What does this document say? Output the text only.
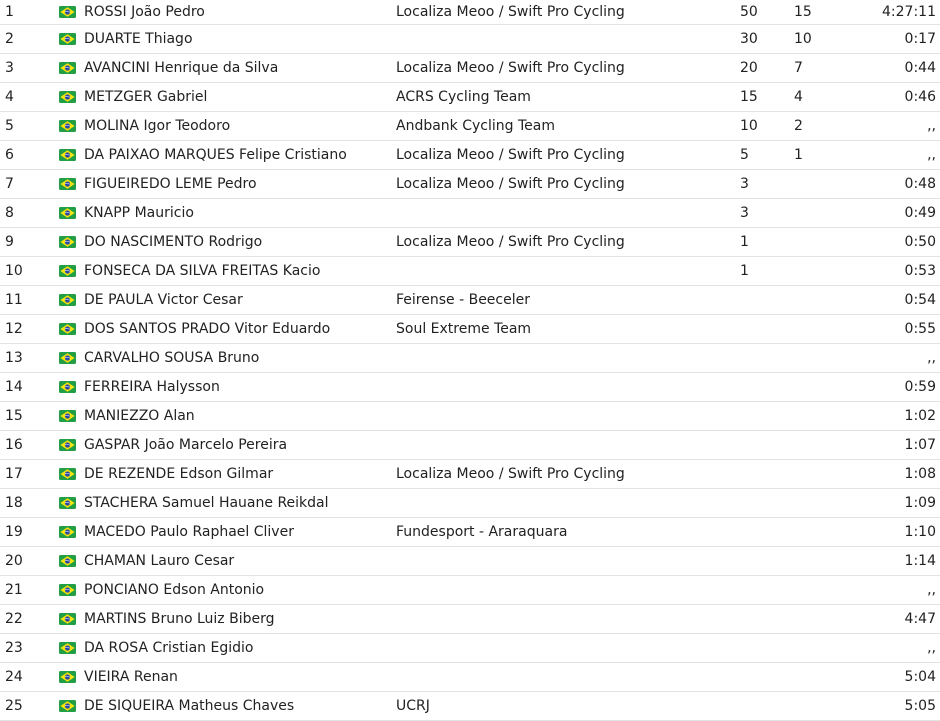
1		ROSSI João Pedro	Localiza Meoo / Swift Pro Cycling	50	15	4:27:11
2		DUARTE Thiago		30	10	0:17
3		AVANCINI Henrique da Silva	Localiza Meoo / Swift Pro Cycling	20	7	0:44
4		METZGER Gabriel	ACRS Cycling Team	15	4	0:46
5		MOLINA Igor Teodoro	Andbank Cycling Team	10	2	,,
6		DA PAIXAO MARQUES Felipe Cristiano	Localiza Meoo / Swift Pro Cycling	5	1	,,
7		FIGUEIREDO LEME Pedro	Localiza Meoo / Swift Pro Cycling	3		0:48
8		KNAPP Mauricio		3		0:49
9		DO NASCIMENTO Rodrigo	Localiza Meoo / Swift Pro Cycling	1		0:50
10		FONSECA DA SILVA FREITAS Kacio		1		0:53
11		DE PAULA Victor Cesar	Feirense - Beeceler			0:54
12		DOS SANTOS PRADO Vitor Eduardo	Soul Extreme Team			0:55
13		CARVALHO SOUSA Bruno				,,
14		FERREIRA Halysson				0:59
15		MANIEZZO Alan				1:02
16		GASPAR João Marcelo Pereira				1:07
17		DE REZENDE Edson Gilmar	Localiza Meoo / Swift Pro Cycling			1:08
18		STACHERA Samuel Hauane Reikdal				1:09
19		MACEDO Paulo Raphael Cliver	Fundesport - Araraquara			1:10
20		CHAMAN Lauro Cesar				1:14
21		PONCIANO Edson Antonio				,,
22		MARTINS Bruno Luiz Biberg				4:47
23		DA ROSA Cristian Egidio				,,
24		VIEIRA Renan				5:04
25		DE SIQUEIRA Matheus Chaves	UCRJ			5:05
